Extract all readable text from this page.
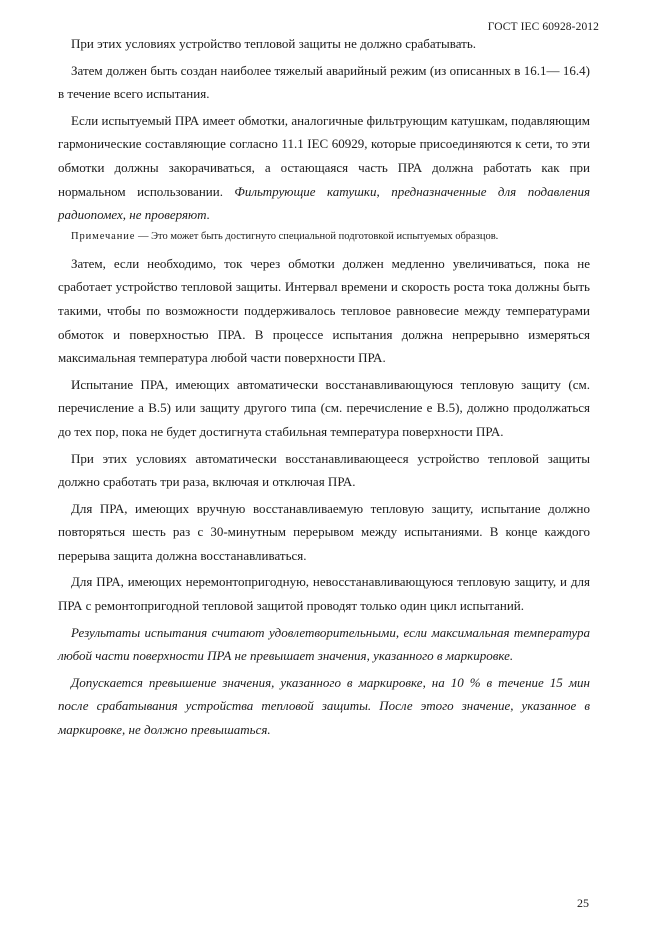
ГОСТ IEC 60928-2012

При этих условиях устройство тепловой защиты не должно срабатывать.

Затем должен быть создан наиболее тяжелый аварийный режим (из описанных в 16.1— 16.4) в течение всего испытания.

Если испытуемый ПРА имеет обмотки, аналогичные фильтрующим катушкам, подавляющим гармонические составляющие согласно 11.1 IEC 60929, которые присоединяются к сети, то эти обмотки должны закорачиваться, а остающаяся часть ПРА должна работать как при нормальном использовании. Фильтрующие катушки, предназначенные для подавления радиопомех, не проверяют.

Примечание — Это может быть достигнуто специальной подготовкой испытуемых образцов.

Затем, если необходимо, ток через обмотки должен медленно увеличиваться, пока не сработает устройство тепловой защиты. Интервал времени и скорость роста тока должны быть такими, чтобы по возможности поддерживалось тепловое равновесие между температурами обмоток и поверхностью ПРА. В процессе испытания должна непрерывно измеряться максимальная температура любой части поверхности ПРА.

Испытание ПРА, имеющих автоматически восстанавливающуюся тепловую защиту (см. перечисление а В.5) или защиту другого типа (см. перечисление е В.5), должно продолжаться до тех пор, пока не будет достигнута стабильная температура поверхности ПРА.

При этих условиях автоматически восстанавливающееся устройство тепловой защиты должно сработать три раза, включая и отключая ПРА.

Для ПРА, имеющих вручную восстанавливаемую тепловую защиту, испытание должно повторяться шесть раз с 30-минутным перерывом между испытаниями. В конце каждого перерыва защита должна восстанавливаться.

Для ПРА, имеющих неремонтопригодную, невосстанавливающуюся тепловую защиту, и для ПРА с ремонтопригодной тепловой защитой проводят только один цикл испытаний.

Результаты испытания считают удовлетворительными, если максимальная температура любой части поверхности ПРА не превышает значения, указанного в маркировке.

Допускается превышение значения, указанного в маркировке, на 10 % в течение 15 мин после срабатывания устройства тепловой защиты. После этого значение, указанное в маркировке, не должно превышаться.

25
